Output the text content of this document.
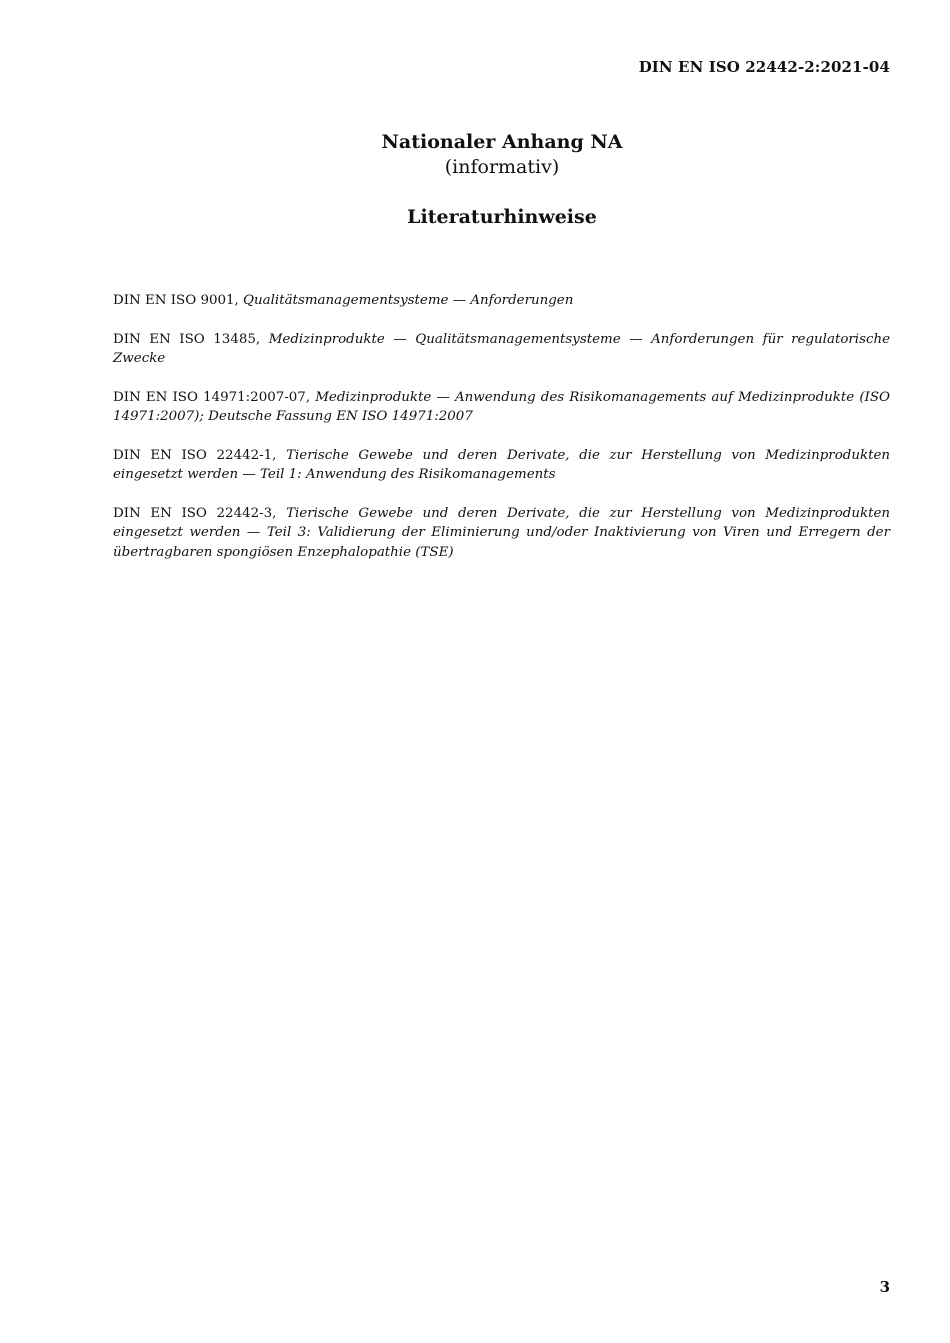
DIN EN ISO 22442-2:2021-04
Nationaler Anhang NA
(informativ)
Literaturhinweise

DIN EN ISO 9001, Qualitätsmanagementsysteme — Anforderungen

DIN EN ISO 13485, Medizinprodukte — Qualitätsmanagementsysteme — Anforderungen für regulatorische Zwecke

DIN EN ISO 14971:2007-07, Medizinprodukte — Anwendung des Risikomanagements auf Medizinprodukte (ISO 14971:2007); Deutsche Fassung EN ISO 14971:2007

DIN EN ISO 22442-1, Tierische Gewebe und deren Derivate, die zur Herstellung von Medizinprodukten eingesetzt werden — Teil 1: Anwendung des Risikomanagements

DIN EN ISO 22442-3, Tierische Gewebe und deren Derivate, die zur Herstellung von Medizinprodukten eingesetzt werden — Teil 3: Validierung der Eliminierung und/oder Inaktivierung von Viren und Erregern der übertragbaren spongiösen Enzephalopathie (TSE)

3
